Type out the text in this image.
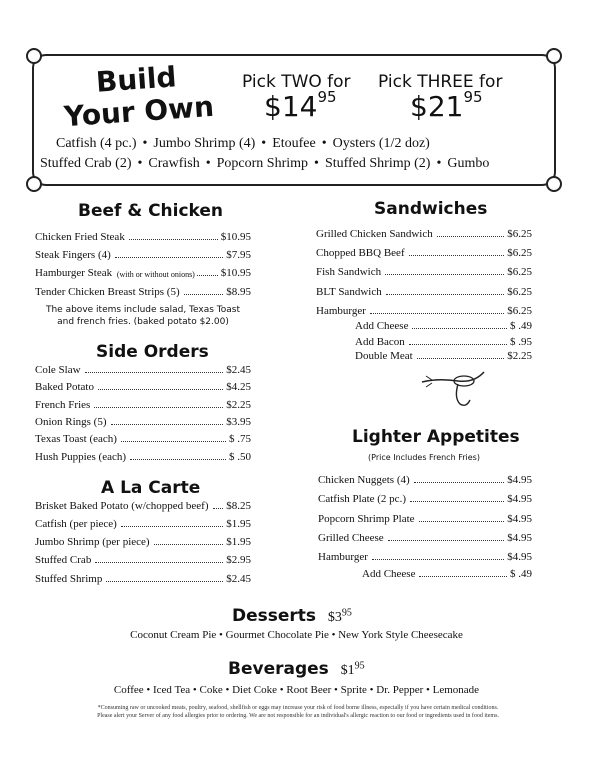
Build
Your Own
Pick TWO for
$\$14^{95}$
Pick THREE for
$\$21^{95}$
Catfish (4 pc.) • Jumbo Shrimp (4) • Etoufee • Oysters (1/2 doz)
Stuffed Crab (2) • Crawfish • Popcorn Shrimp • Stuffed Shrimp (2) • Gumbo
Beef & Chicken
Chicken Fried Steak	$10.95
Steak Fingers (4)	$7.95
Hamburger Steak
(with or without onions) $10.95
Tender Chicken Breast Strips (5)	$8.95
The above items include salad, Texas Toast
and french fries. (baked potato $2.00)
Side Orders
Cole Slaw	$2.45
Baked Potato	$4.25
French Fries	$2.25
Onion Rings (5)	$3.95
Texas Toast (each)	$ .75
Hush Puppies (each)	$ .50
A La Carte
Brisket Baked Potato (w/chopped beef) $8.25
Catfish (per piece)	$1.95
Jumbo Shrimp (per piece)	$1.95
Stuffed Crab	$2.95
Stuffed Shrimp	$2.45
Sandwiches
Grilled Chicken Sandwich	$6.25
Chopped BBQ Beef	$6.25
Fish Sandwich	$6.25
BLT Sandwich	$6.25
Hamburger	$6.25
Add Cheese	$ .49
Add Bacon	$ .95
Double Meat	$2.25
Lighter Appetites
(Price Includes French Fries)
Chicken Nuggets (4)	$4.95
Catfish Plate (2 pc.)	$4.95
Popcorn Shrimp Plate	$4.95
Grilled Cheese	$4.95
Hamburger	$4.95
Add Cheese	$ .49
Desserts $\$3^{95}$
Coconut Cream Pie • Gourmet Chocolate Pie • New York Style Cheesecake
Beverages $\$1^{95}$
Coffee • Iced Tea • Coke • Diet Coke • Root Beer • Sprite • Dr. Pepper • Lemonade
*Consuming raw or uncooked meats, poultry, seafood, shellfish or eggs may increase your risk of food borne illness, especially if you have certain medical conditions.
Please alert your Server of any food allergies prior to ordering. We are not responsible for an individual's allergic reaction to our food or ingredients used in food items.
